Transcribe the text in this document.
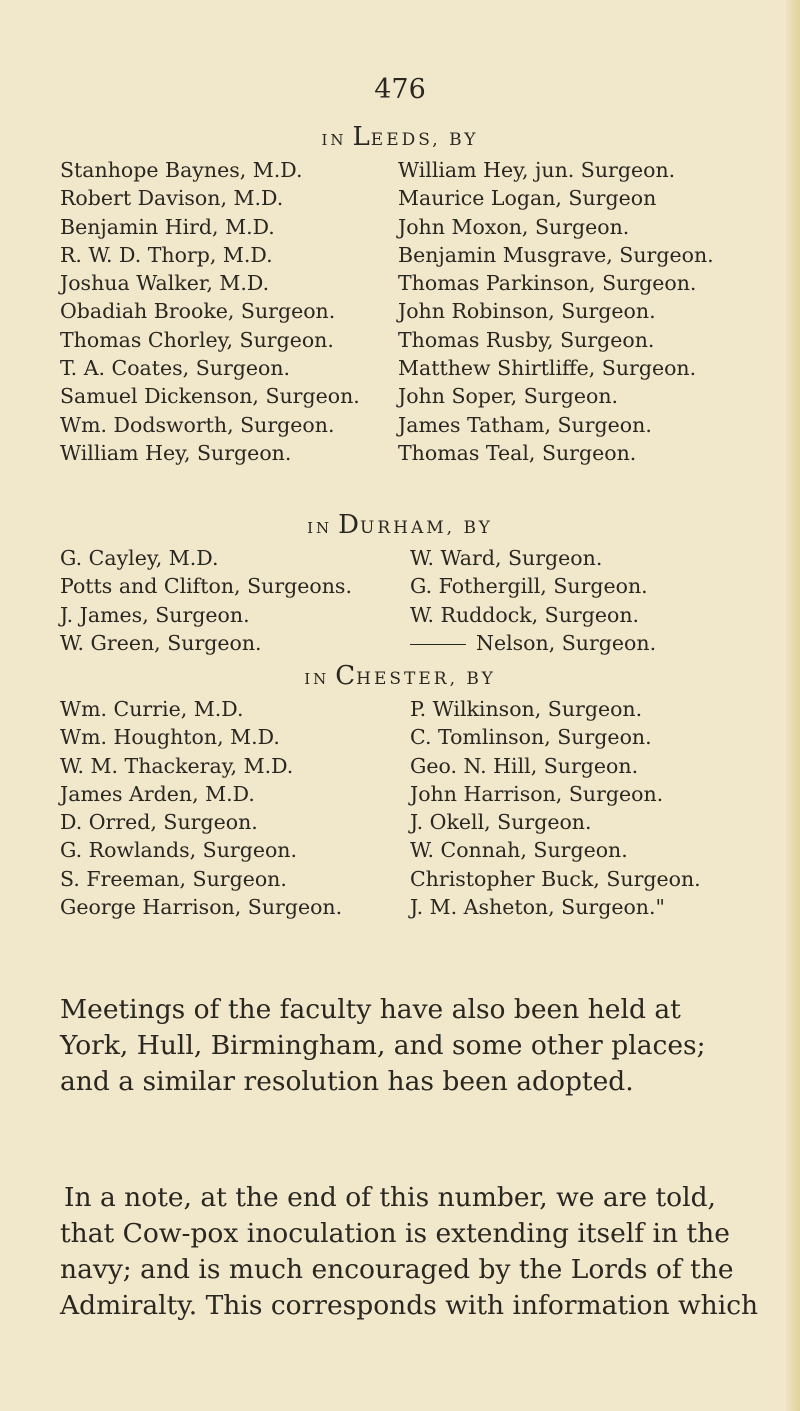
476
IN LEEDS, BY
Stanhope Baynes, M.D.
Robert Davison, M.D.
Benjamin Hird, M.D.
R. W. D. Thorp, M.D.
Joshua Walker, M.D.
Obadiah Brooke, Surgeon.
Thomas Chorley, Surgeon.
T. A. Coates, Surgeon.
Samuel Dickenson, Surgeon.
Wm. Dodsworth, Surgeon.
William Hey, Surgeon.
William Hey, jun. Surgeon.
Maurice Logan, Surgeon
John Moxon, Surgeon.
Benjamin Musgrave, Surgeon.
Thomas Parkinson, Surgeon.
John Robinson, Surgeon.
Thomas Rusby, Surgeon.
Matthew Shirtliffe, Surgeon.
John Soper, Surgeon.
James Tatham, Surgeon.
Thomas Teal, Surgeon.
IN DURHAM, BY
G. Cayley, M.D.
Potts and Clifton, Surgeons.
J. James, Surgeon.
W. Green, Surgeon.
W. Ward, Surgeon.
G. Fothergill, Surgeon.
W. Ruddock, Surgeon.
Nelson, Surgeon.
IN CHESTER, BY
Wm. Currie, M.D.
Wm. Houghton, M.D.
W. M. Thackeray, M.D.
James Arden, M.D.
D. Orred, Surgeon.
G. Rowlands, Surgeon.
S. Freeman, Surgeon.
George Harrison, Surgeon.
P. Wilkinson, Surgeon.
C. Tomlinson, Surgeon.
Geo. N. Hill, Surgeon.
John Harrison, Surgeon.
J. Okell, Surgeon.
W. Connah, Surgeon.
Christopher Buck, Surgeon.
J. M. Asheton, Surgeon."
Meetings of the faculty have also been held at
York, Hull, Birmingham, and some other places;
and a similar resolution has been adopted.
In a note, at the end of this number, we are told,
that Cow-pox inoculation is extending itself in the
navy; and is much encouraged by the Lords of the
Admiralty. This corresponds with information which
